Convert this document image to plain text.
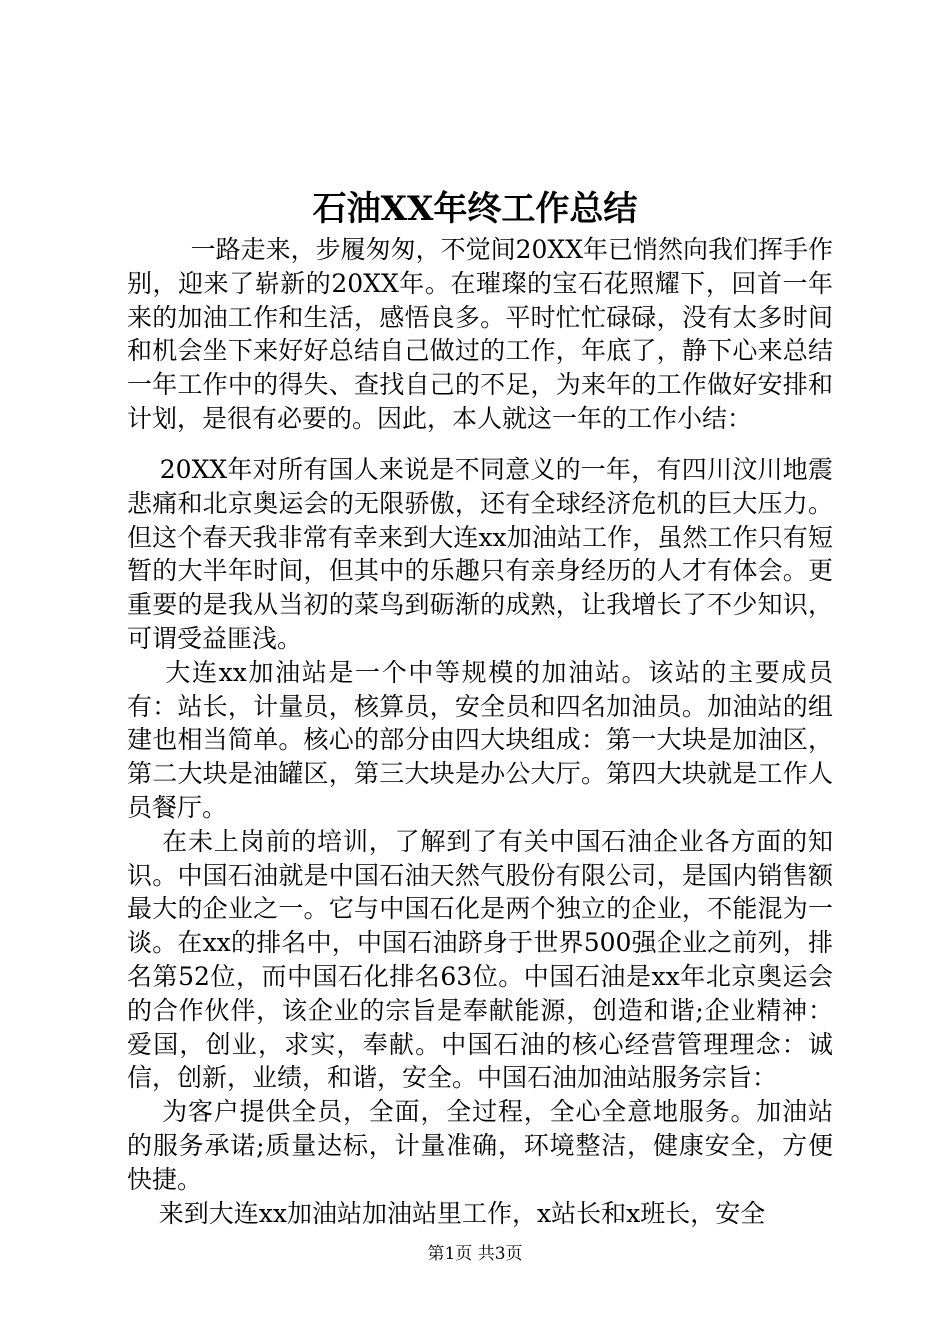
石油XX年终工作总结

一路走来，步履匆匆，不觉间20XX年已悄然向我们挥手作别，迎来了崭新的20XX年。在璀璨的宝石花照耀下，回首一年来的加油工作和生活，感悟良多。平时忙忙碌碌，没有太多时间和机会坐下来好好总结自己做过的工作，年底了，静下心来总结一年工作中的得失、查找自己的不足，为来年的工作做好安排和计划，是很有必要的。因此，本人就这一年的工作小结：

20XX年对所有国人来说是不同意义的一年，有四川汶川地震悲痛和北京奥运会的无限骄傲，还有全球经济危机的巨大压力。但这个春天我非常有幸来到大连xx加油站工作，虽然工作只有短暂的大半年时间，但其中的乐趣只有亲身经历的人才有体会。更重要的是我从当初的菜鸟到砺渐的成熟，让我增长了不少知识，可谓受益匪浅。
大连xx加油站是一个中等规模的加油站。该站的主要成员有：站长，计量员，核算员，安全员和四名加油员。加油站的组建也相当简单。核心的部分由四大块组成：第一大块是加油区，第二大块是油罐区，第三大块是办公大厅。第四大块就是工作人员餐厅。
在未上岗前的培训，了解到了有关中国石油企业各方面的知识。中国石油就是中国石油天然气股份有限公司，是国内销售额最大的企业之一。它与中国石化是两个独立的企业，不能混为一谈。在xx的排名中，中国石油跻身于世界500强企业之前列，排名第52位，而中国石化排名63位。中国石油是xx年北京奥运会的合作伙伴，该企业的宗旨是奉献能源，创造和谐;企业精神：爱国，创业，求实，奉献。中国石油的核心经营管理理念：诚信，创新，业绩，和谐，安全。中国石油加油站服务宗旨：
为客户提供全员，全面，全过程，全心全意地服务。加油站的服务承诺;质量达标，计量准确，环境整洁，健康安全，方便快捷。
来到大连xx加油站加油站里工作，x站长和x班长，安全

第1页 共3页
